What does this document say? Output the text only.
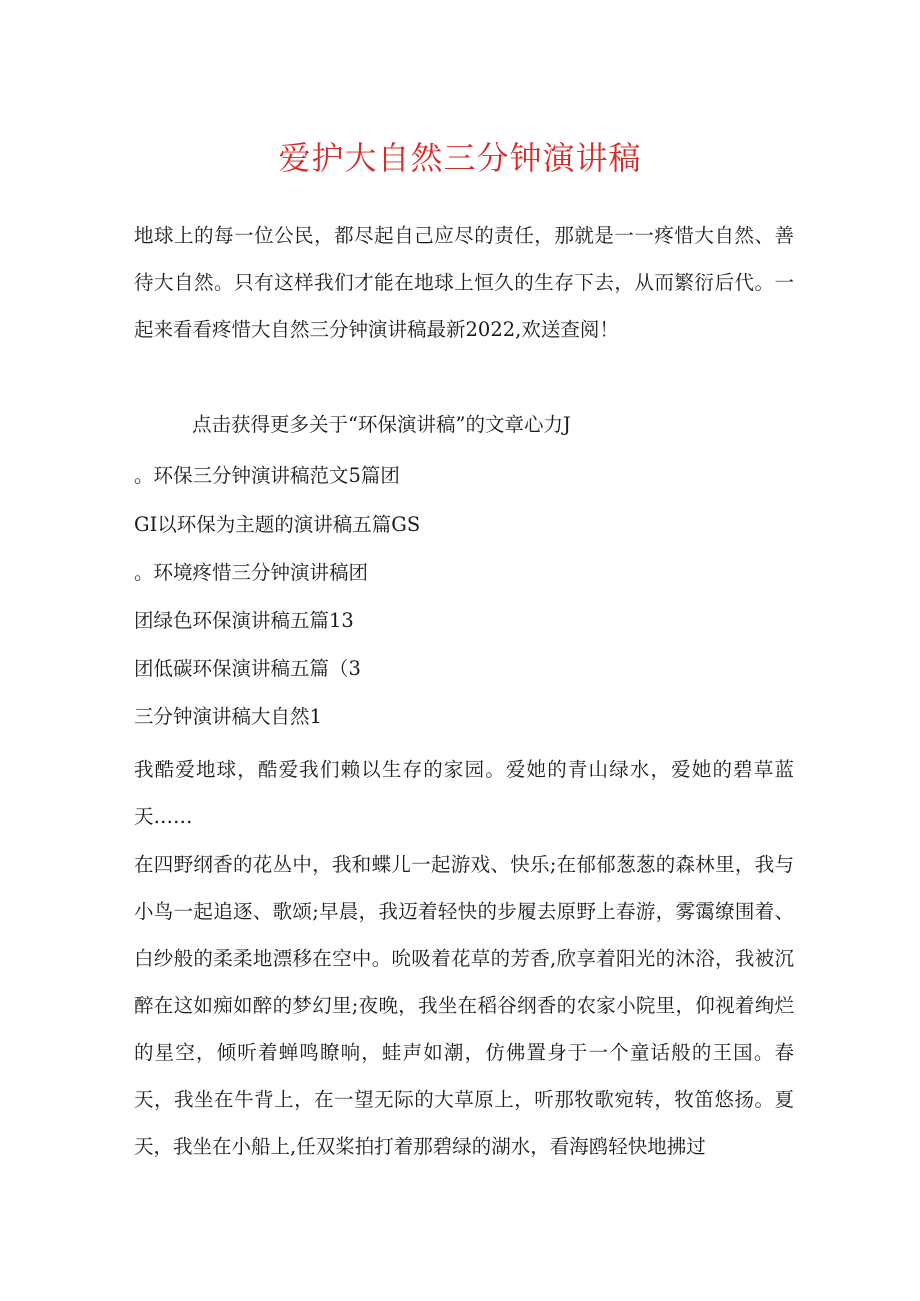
爱护大自然三分钟演讲稿

地球上的每一位公民，都尽起自己应尽的责任，那就是一一疼惜大自然、善待大自然。只有这样我们才能在地球上恒久的生存下去，从而繁衍后代。一起来看看疼惜大自然三分钟演讲稿最新2022,欢送查阅！

点击获得更多关于“环保演讲稿”的文章心力J

。环保三分钟演讲稿范文5篇团

GI以环保为主题的演讲稿五篇GS

。环境疼惜三分钟演讲稿团

团绿色环保演讲稿五篇13

团低碳环保演讲稿五篇（3

三分钟演讲稿大自然1

我酷爱地球，酷爱我们赖以生存的家园。爱她的青山绿水，爱她的碧草蓝天……

在四野纲香的花丛中，我和蝶儿一起游戏、快乐;在郁郁葱葱的森林里，我与小鸟一起追逐、歌颂;早晨，我迈着轻快的步履去原野上春游，雾霭缭围着、白纱般的柔柔地漂移在空中。吮吸着花草的芳香,欣享着阳光的沐浴，我被沉醉在这如痴如醉的梦幻里;夜晚，我坐在稻谷纲香的农家小院里，仰视着绚烂的星空，倾听着蝉鸣瞭响，蛙声如潮，仿佛置身于一个童话般的王国。春天，我坐在牛背上，在一望无际的大草原上，听那牧歌宛转，牧笛悠扬。夏天，我坐在小船上,任双桨拍打着那碧绿的湖水，看海鸥轻快地拂过
